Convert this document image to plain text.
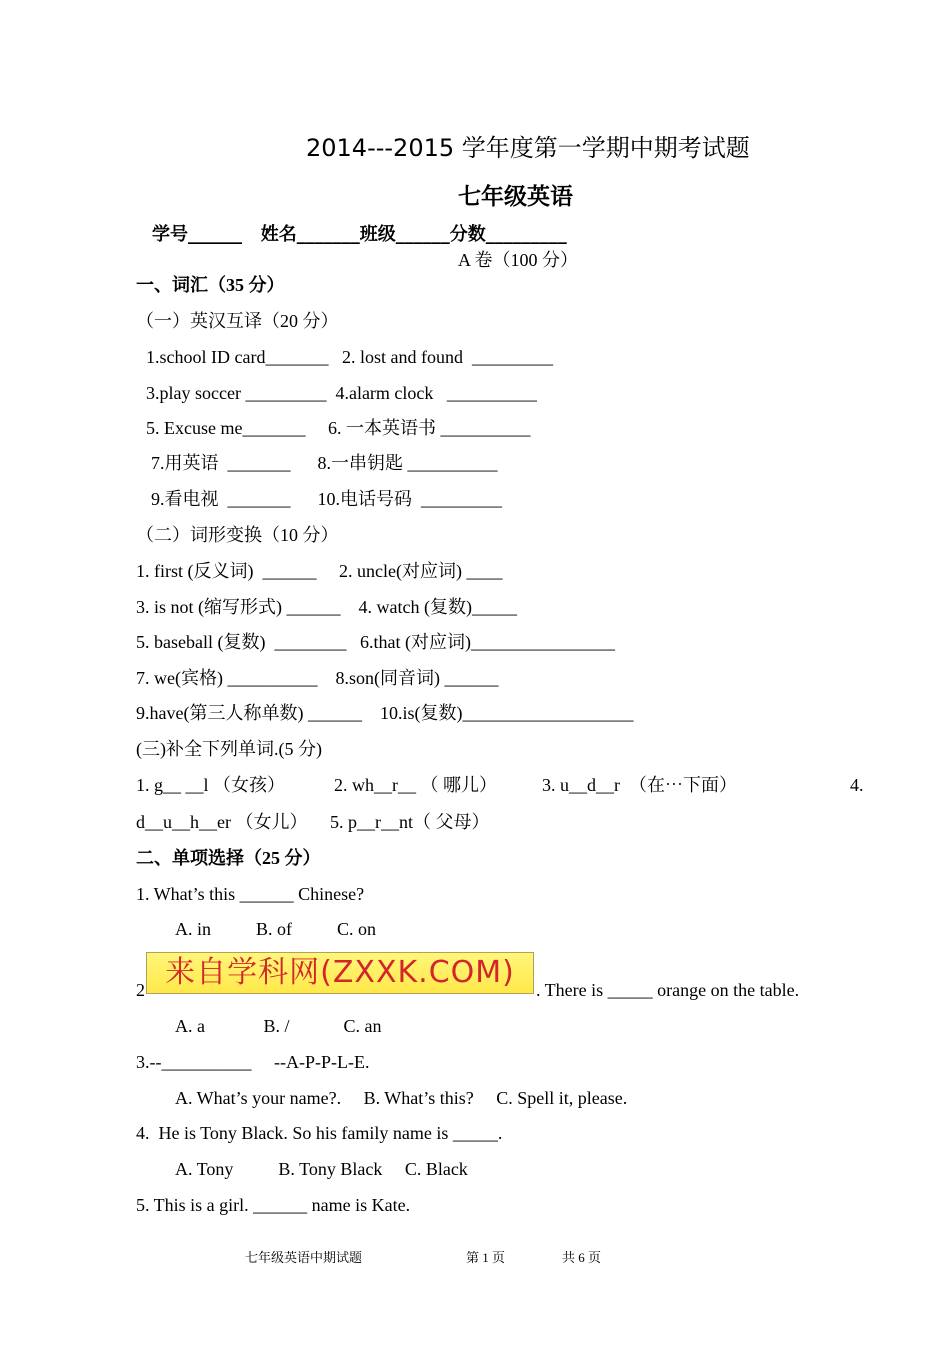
2014---2015 学年度第一学期中期考试题
七年级英语
学号______   姓名_______班级______分数_________
A 卷（100 分）
一、词汇（35 分）
（一）英汉互译（20 分）
1.school ID card_______   2. lost and found  _________
3.play soccer _________  4.alarm clock   __________
5. Excuse me_______     6. 一本英语书 __________
7.用英语  _______      8.一串钥匙 __________
9.看电视  _______      10.电话号码  _________
（二）词形变换（10 分）
1. first (反义词)  ______     2. uncle(对应词) ____
3. is not (缩写形式) ______    4. watch (复数)_____
5. baseball (复数)  ________   6.that (对应词)________________
7. we(宾格) __________    8.son(同音词) ______
9.have(第三人称单数) ______    10.is(复数)___________________
(三)补全下列单词.(5 分)
1. g__ __l （女孩）	2. wh__r__ （ 哪儿）	3. u__d__r  （在⋯下面）	4.
d__u__h__er （女儿）     5. p__r__nt（ 父母）
二、单项选择（25 分）
1. What’s this ______ Chinese?
A. in          B. of          C. on
2 来自学科网(ZXXK.COM)	. There is _____ orange on the table.
A. a             B. /            C. an
3.--__________     --A-P-P-L-E.
A. What’s your name?.     B. What’s this?     C. Spell it, please.
4.  He is Tony Black. So his family name is _____.
A. Tony          B. Tony Black     C. Black
5. This is a girl. ______ name is Kate.
七年级英语中期试题	第 1 页	共 6 页
